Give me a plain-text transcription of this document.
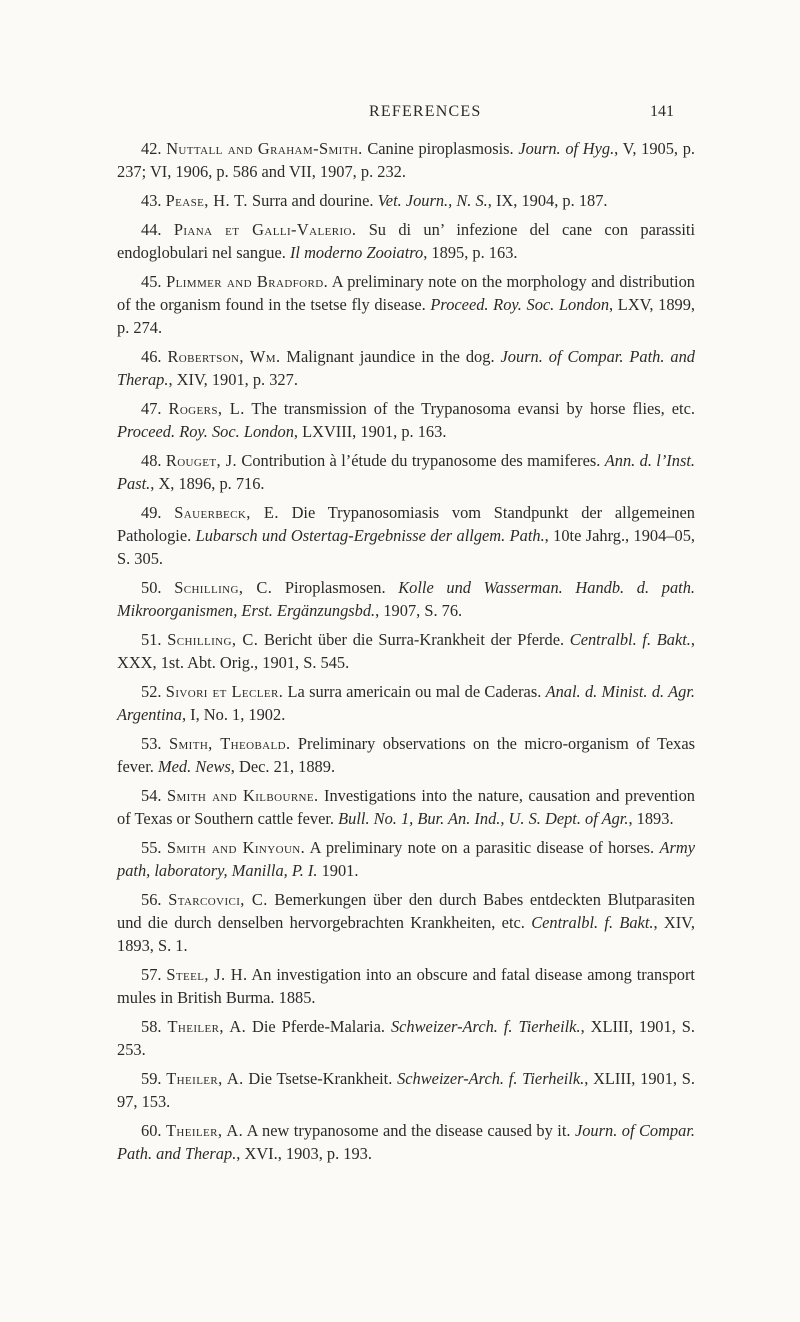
REFERENCES	141

42. Nuttall and Graham-Smith. Canine piroplasmosis. Journ. of Hyg., V, 1905, p. 237; VI, 1906, p. 586 and VII, 1907, p. 232.

43. Pease, H. T. Surra and dourine. Vet. Journ., N. S., IX, 1904, p. 187.

44. Piana et Galli-Valerio. Su di un’ infezione del cane con parassiti endoglobulari nel sangue. Il moderno Zooiatro, 1895, p. 163.

45. Plimmer and Bradford. A preliminary note on the morphology and distribution of the organism found in the tsetse fly disease. Proceed. Roy. Soc. London, LXV, 1899, p. 274.

46. Robertson, Wm. Malignant jaundice in the dog. Journ. of Compar. Path. and Therap., XIV, 1901, p. 327.

47. Rogers, L. The transmission of the Trypanosoma evansi by horse flies, etc. Proceed. Roy. Soc. London, LXVIII, 1901, p. 163.

48. Rouget, J. Contribution à l’étude du trypanosome des mamiferes. Ann. d. l’Inst. Past., X, 1896, p. 716.

49. Sauerbeck, E. Die Trypanosomiasis vom Standpunkt der allgemeinen Pathologie. Lubarsch und Ostertag-Ergebnisse der allgem. Path., 10te Jahrg., 1904–05, S. 305.

50. Schilling, C. Piroplasmosen. Kolle und Wasserman. Handb. d. path. Mikroorganismen, Erst. Ergänzungsbd., 1907, S. 76.

51. Schilling, C. Bericht über die Surra-Krankheit der Pferde. Centralbl. f. Bakt., XXX, 1st. Abt. Orig., 1901, S. 545.

52. Sivori et Lecler. La surra americain ou mal de Caderas. Anal. d. Minist. d. Agr. Argentina, I, No. 1, 1902.

53. Smith, Theobald. Preliminary observations on the micro-organism of Texas fever. Med. News, Dec. 21, 1889.

54. Smith and Kilbourne. Investigations into the nature, causation and prevention of Texas or Southern cattle fever. Bull. No. 1, Bur. An. Ind., U. S. Dept. of Agr., 1893.

55. Smith and Kinyoun. A preliminary note on a parasitic disease of horses. Army path, laboratory, Manilla, P. I. 1901.

56. Starcovici, C. Bemerkungen über den durch Babes entdeckten Blutparasiten und die durch denselben hervorgebrachten Krankheiten, etc. Centralbl. f. Bakt., XIV, 1893, S. 1.

57. Steel, J. H. An investigation into an obscure and fatal disease among transport mules in British Burma. 1885.

58. Theiler, A. Die Pferde-Malaria. Schweizer-Arch. f. Tierheilk., XLIII, 1901, S. 253.

59. Theiler, A. Die Tsetse-Krankheit. Schweizer-Arch. f. Tierheilk., XLIII, 1901, S. 97, 153.

60. Theiler, A. A new trypanosome and the disease caused by it. Journ. of Compar. Path. and Therap., XVI., 1903, p. 193.
